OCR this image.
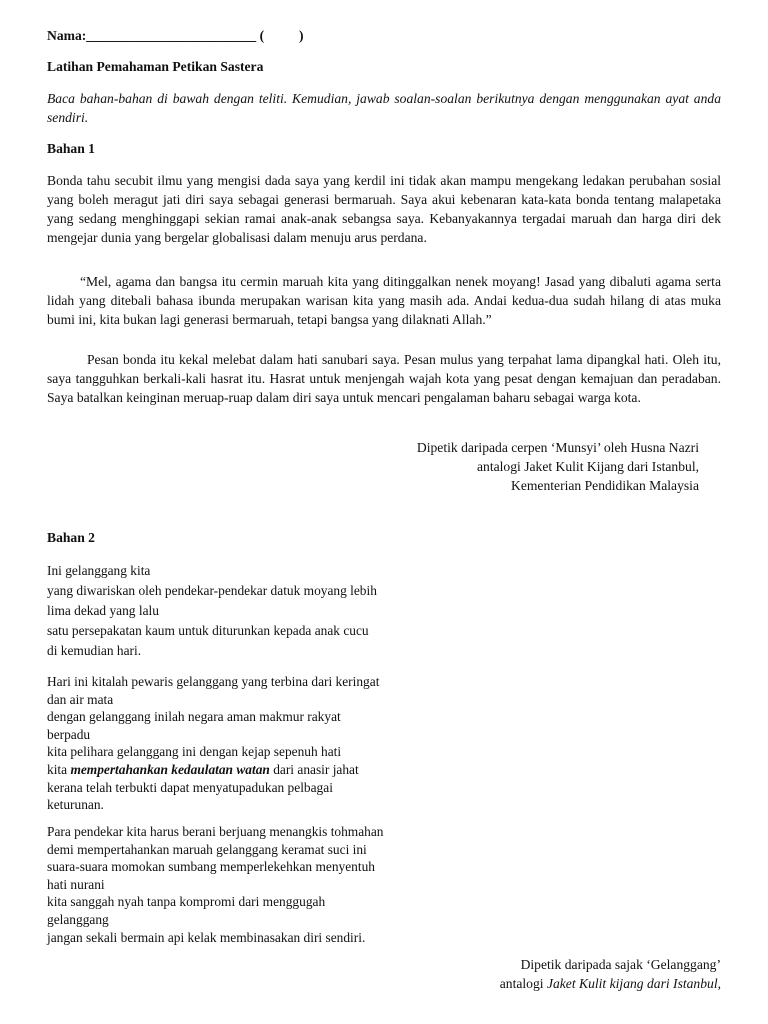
Nama:_________________________ (	)
Latihan Pemahaman Petikan Sastera
Baca bahan-bahan di bawah dengan teliti. Kemudian, jawab soalan-soalan berikutnya dengan menggunakan ayat anda sendiri.
Bahan 1
Bonda tahu secubit ilmu yang mengisi dada saya yang kerdil ini tidak akan mampu mengekang ledakan perubahan sosial yang boleh meragut jati diri saya sebagai generasi bermaruah. Saya akui kebenaran kata-kata bonda tentang malapetaka yang sedang menghinggapi sekian ramai anak-anak sebangsa saya. Kebanyakannya tergadai maruah dan harga diri dek mengejar dunia yang bergelar globalisasi dalam menuju arus perdana.
“Mel, agama dan bangsa itu cermin maruah kita yang ditinggalkan nenek moyang! Jasad yang dibaluti agama serta lidah yang ditebali bahasa ibunda merupakan warisan kita yang masih ada. Andai kedua-dua sudah hilang di atas muka bumi ini, kita bukan lagi generasi bermaruah, tetapi bangsa yang dilaknati Allah.”
Pesan bonda itu kekal melebat dalam hati sanubari saya. Pesan mulus yang terpahat lama dipangkal hati. Oleh itu, saya tangguhkan berkali-kali hasrat itu. Hasrat untuk menjengah wajah kota yang pesat dengan kemajuan dan peradaban. Saya batalkan keinginan meruap-ruap dalam diri saya untuk mencari pengalaman baharu sebagai warga kota.
Dipetik daripada cerpen ‘Munsyi’ oleh Husna Nazri
antalogi Jaket Kulit Kijang dari Istanbul,
Kementerian Pendidikan Malaysia
Bahan 2
Ini gelanggang kita
yang diwariskan oleh pendekar-pendekar datuk moyang lebih
lima dekad yang lalu
satu persepakatan kaum untuk diturunkan kepada anak cucu
di kemudian hari.
Hari ini kitalah pewaris gelanggang yang terbina dari keringat
dan air mata
dengan gelanggang inilah negara aman makmur rakyat
berpadu
kita pelihara gelanggang ini dengan kejap sepenuh hati
kita mempertahankan kedaulatan watan dari anasir jahat
kerana telah terbukti dapat menyatupadukan pelbagai
keturunan.
Para pendekar kita harus berani berjuang menangkis tohmahan
demi mempertahankan maruah gelanggang keramat suci ini
suara-suara momokan sumbang memperlekehkan menyentuh
hati nurani
kita sanggah nyah tanpa kompromi dari menggugah
gelanggang
jangan sekali bermain api kelak membinasakan diri sendiri.
Dipetik daripada sajak ‘Gelanggang’
antalogi Jaket Kulit kijang dari Istanbul,
